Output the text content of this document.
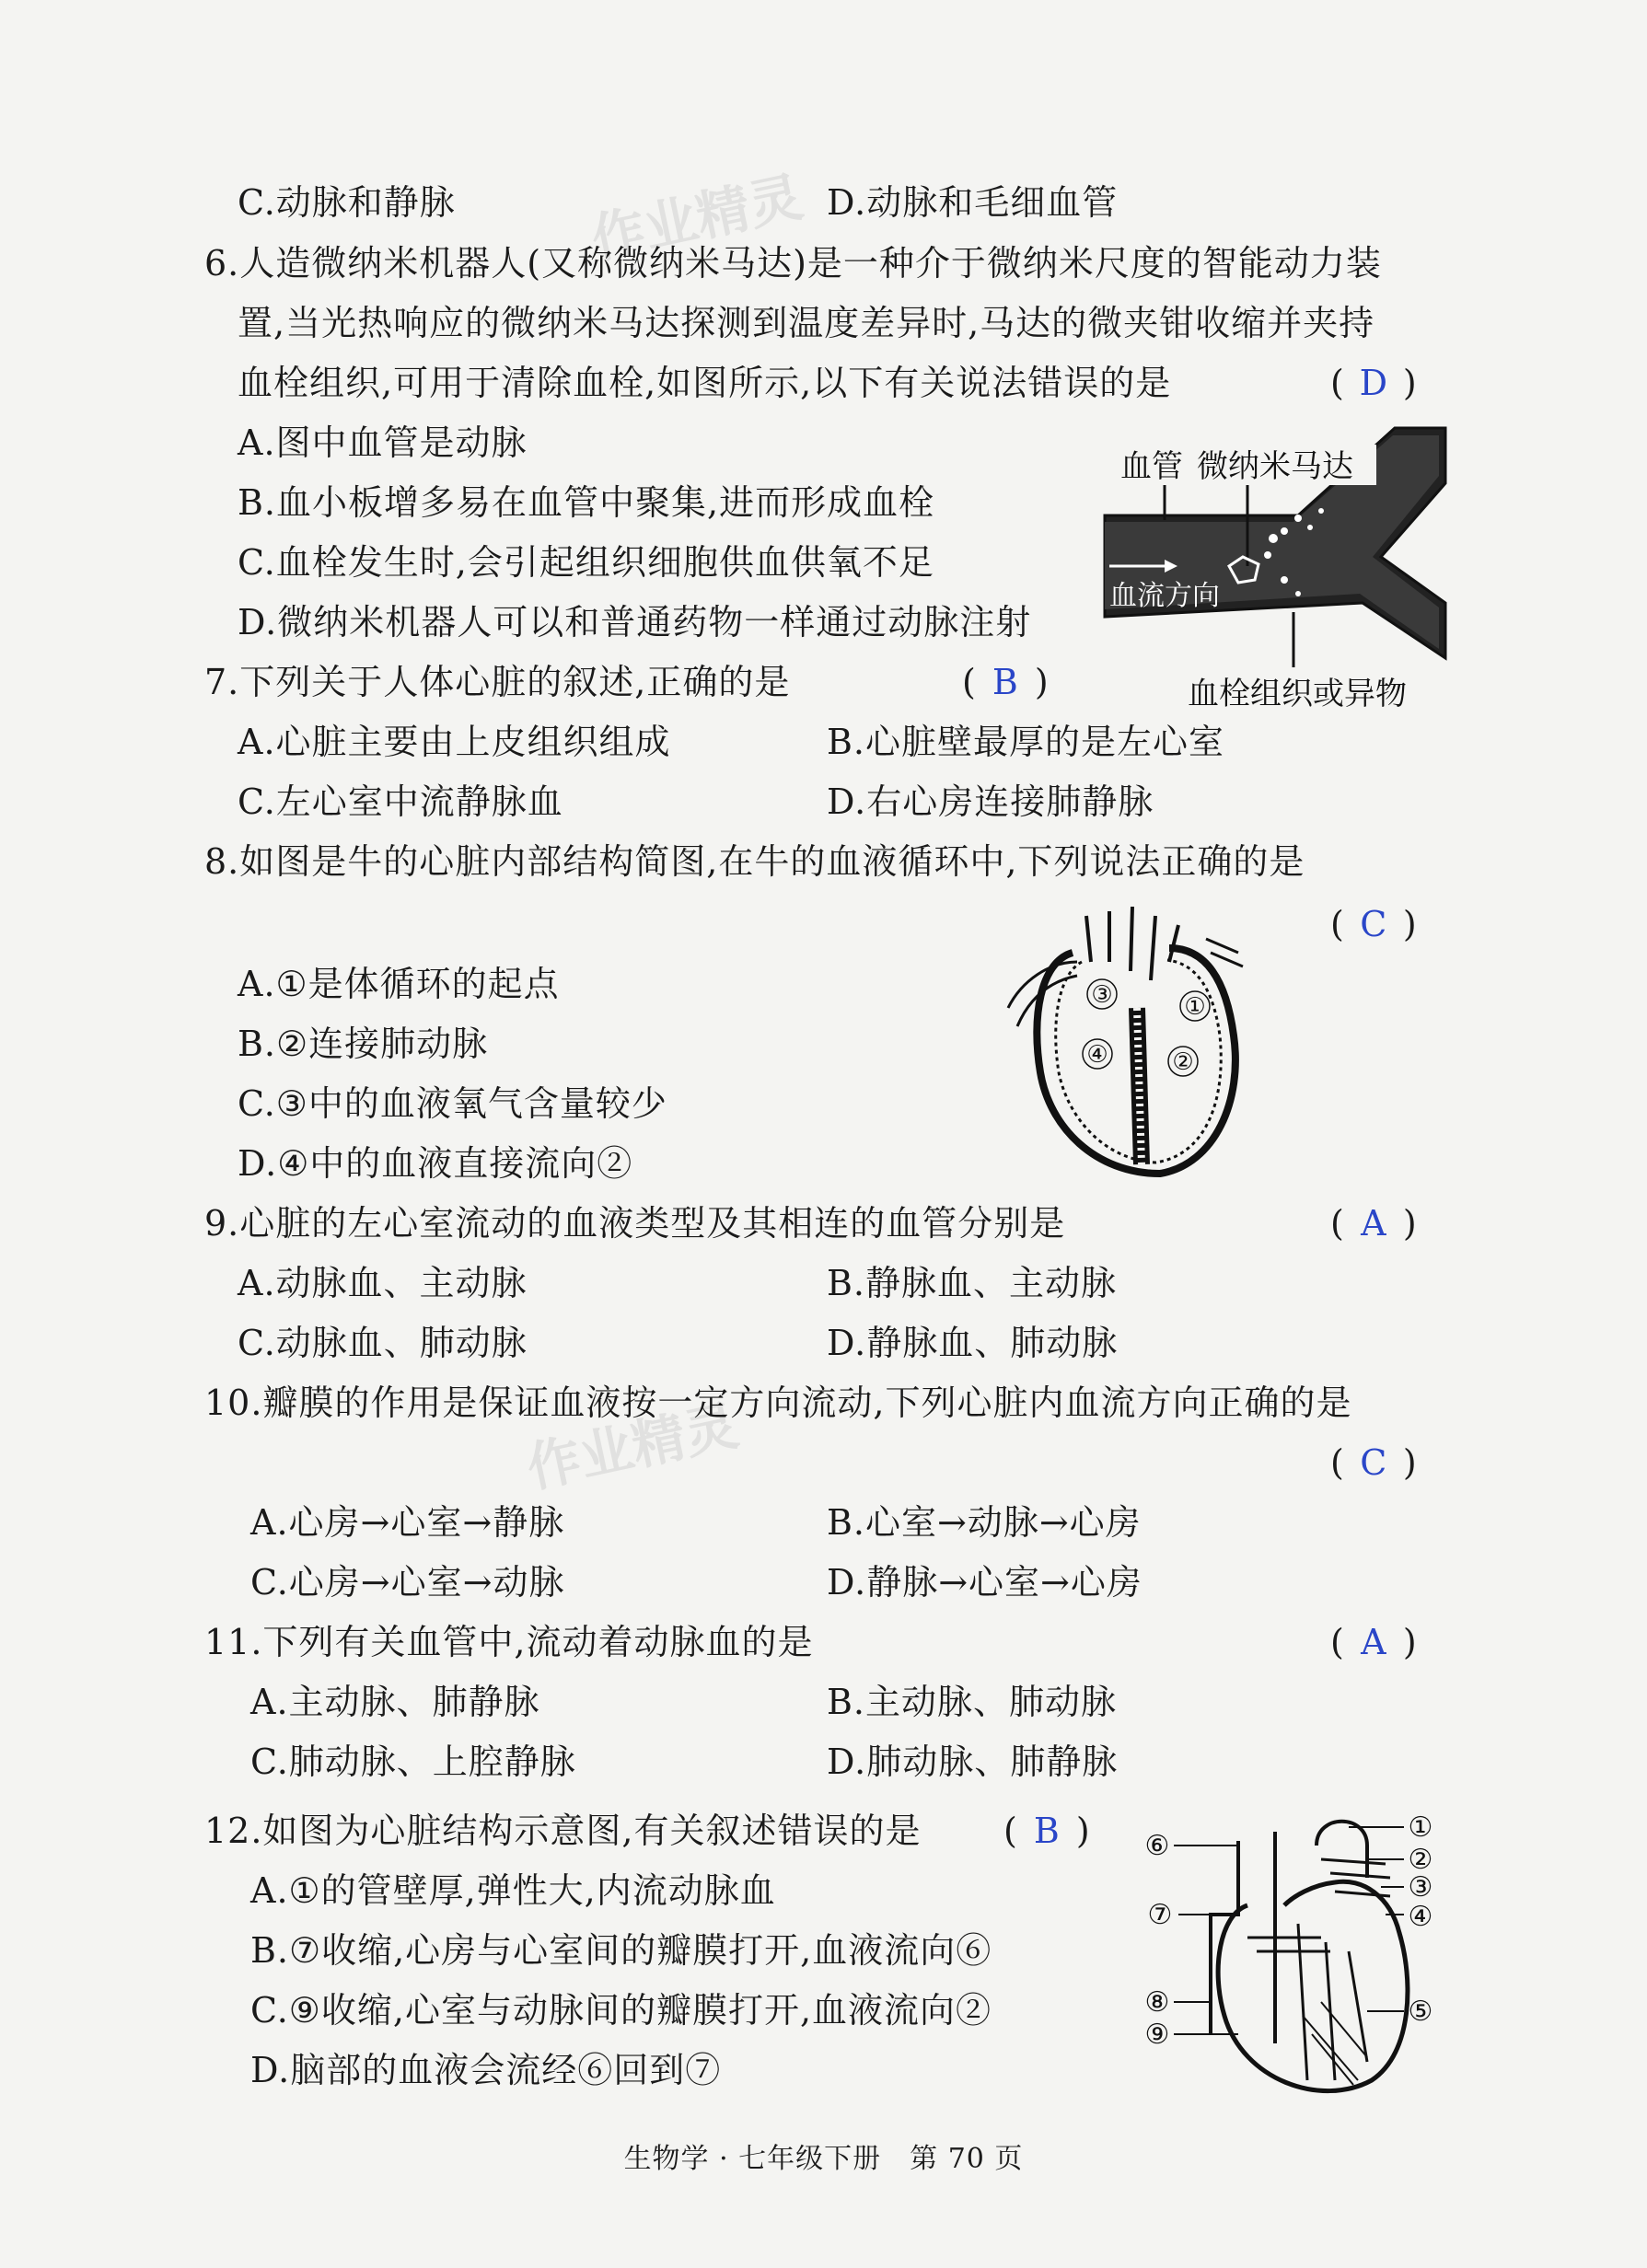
作业精灵
作业精灵
C.动脉和静脉	D.动脉和毛细血管
6.人造微纳米机器人(又称微纳米马达)是一种介于微纳米尺度的智能动力装
置,当光热响应的微纳米马达探测到温度差异时,马达的微夹钳收缩并夹持
血栓组织,可用于清除血栓,如图所示,以下有关说法错误的是	( D )
A.图中血管是动脉
B.血小板增多易在血管中聚集,进而形成血栓
C.血栓发生时,会引起组织细胞供血供氧不足
D.微纳米机器人可以和普通药物一样通过动脉注射
血管 微纳米马达
血流方向
血栓组织或异物
7.下列关于人体心脏的叙述,正确的是	( B )
A.心脏主要由上皮组织组成	B.心脏壁最厚的是左心室
C.左心室中流静脉血	D.右心房连接肺静脉
8.如图是牛的心脏内部结构简图,在牛的血液循环中,下列说法正确的是
( C )
A.①是体循环的起点
B.②连接肺动脉
C.③中的血液氧气含量较少
D.④中的血液直接流向②
③	①
④	②
9.心脏的左心室流动的血液类型及其相连的血管分别是	( A )
A.动脉血、主动脉	B.静脉血、主动脉
C.动脉血、肺动脉	D.静脉血、肺动脉
10.瓣膜的作用是保证血液按一定方向流动,下列心脏内血流方向正确的是
( C )
A.心房→心室→静脉	B.心室→动脉→心房
C.心房→心室→动脉	D.静脉→心室→心房
11.下列有关血管中,流动着动脉血的是	( A )
A.主动脉、肺静脉	B.主动脉、肺动脉
C.肺动脉、上腔静脉	D.肺动脉、肺静脉
12.如图为心脏结构示意图,有关叙述错误的是 ( B )
A.①的管壁厚,弹性大,内流动脉血
B.⑦收缩,心房与心室间的瓣膜打开,血液流向⑥
C.⑨收缩,心室与动脉间的瓣膜打开,血液流向②
D.脑部的血液会流经⑥回到⑦
⑥
⑦
⑧
⑨
①
②
③
④
⑤
生物学 · 七年级下册　第 70 页
